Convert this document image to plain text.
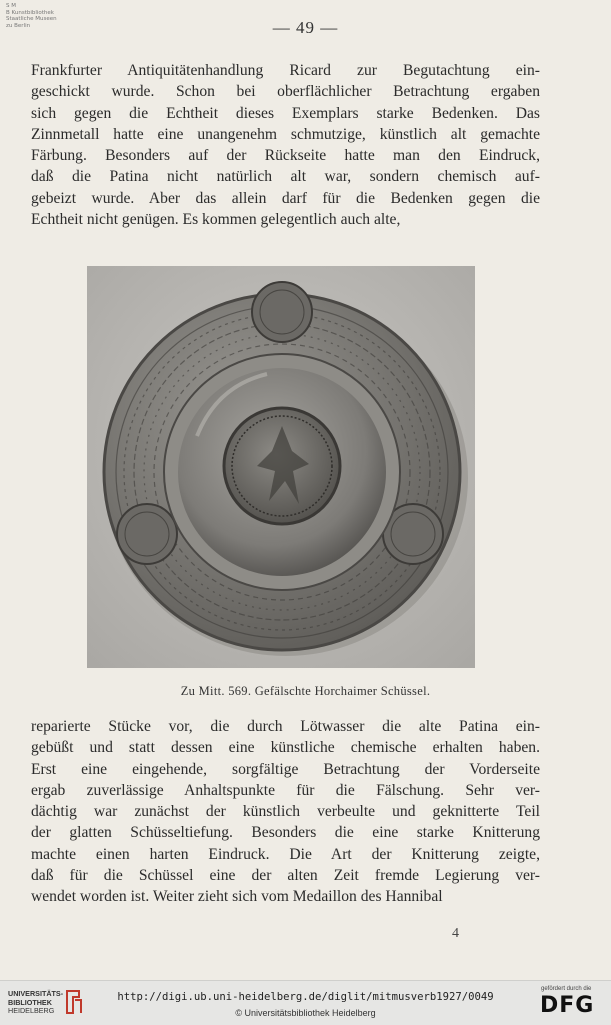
S M
B Kunstbibliothek
Staatliche Museen
zu Berlin	— 49 —

Frankfurter Antiquitätenhandlung Ricard zur Begutachtung ein-
geschickt wurde. Schon bei oberflächlicher Betrachtung ergaben
sich gegen die Echtheit dieses Exemplars starke Bedenken. Das
Zinnmetall hatte eine unangenehm schmutzige, künstlich alt gemachte
Färbung. Besonders auf der Rückseite hatte man den Eindruck,
daß die Patina nicht natürlich alt war, sondern chemisch auf-
gebeizt wurde. Aber das allein darf für die Bedenken gegen die
Echtheit nicht genügen. Es kommen gelegentlich auch alte,

Zu Mitt. 569. Gefälschte Horchaimer Schüssel.

reparierte Stücke vor, die durch Lötwasser die alte Patina ein-
gebüßt und statt dessen eine künstliche chemische erhalten haben.
Erst eine eingehende, sorgfältige Betrachtung der Vorderseite
ergab zuverlässige Anhaltspunkte für die Fälschung. Sehr ver-
dächtig war zunächst der künstlich verbeulte und geknitterte Teil
der glatten Schüsseltiefung. Besonders die eine starke Knitterung
machte einen harten Eindruck. Die Art der Knitterung zeigte,
daß für die Schüssel eine der alten Zeit fremde Legierung ver-
wendet worden ist. Weiter zieht sich vom Medaillon des Hannibal

4
UNIVERSITÄTS-
BIBLIOTHEK
HEIDELBERG
http://digi.ub.uni-heidelberg.de/diglit/mitmusverb1927/0049
© Universitätsbibliothek Heidelberg
gefördert durch die
DFG
